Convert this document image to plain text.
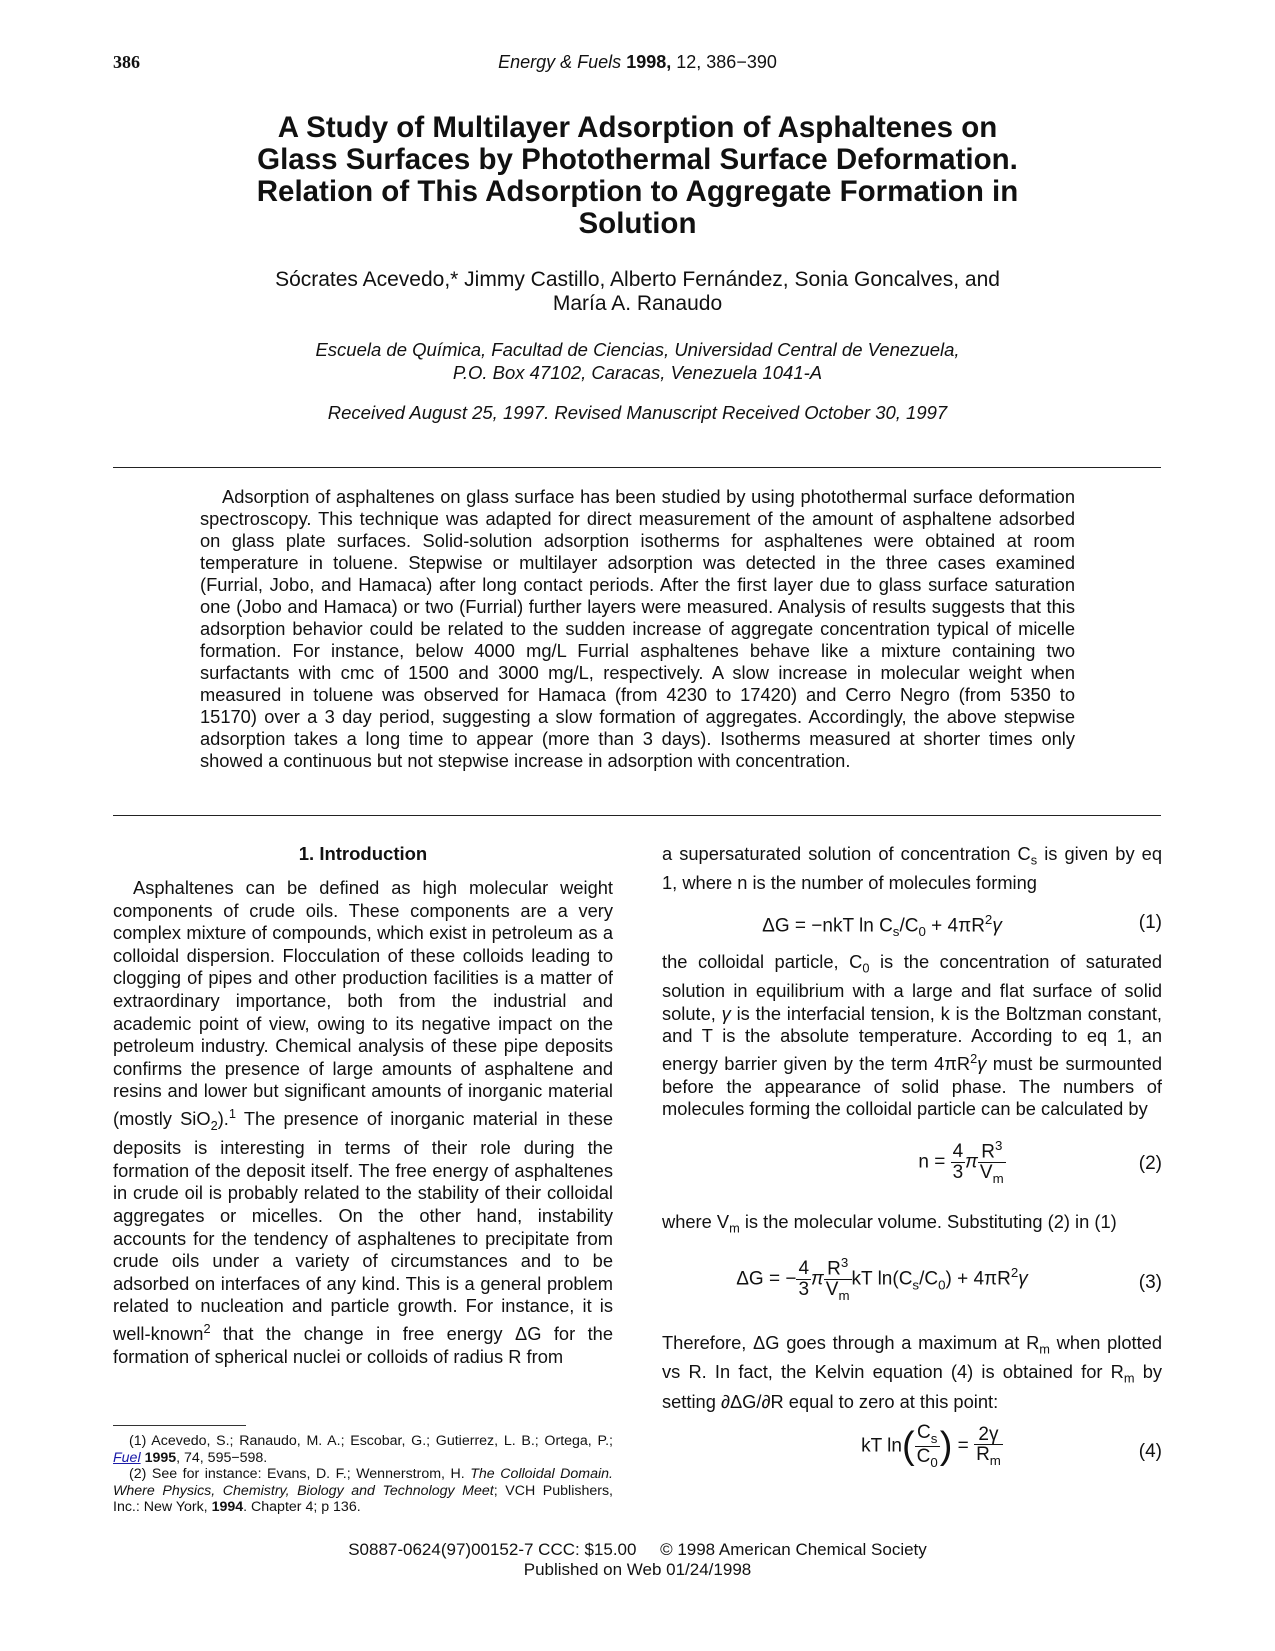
386	Energy & Fuels 1998, 12, 386−390
A Study of Multilayer Adsorption of Asphaltenes on
Glass Surfaces by Photothermal Surface Deformation.
Relation of This Adsorption to Aggregate Formation in
Solution
Sócrates Acevedo,* Jimmy Castillo, Alberto Fernández, Sonia Goncalves, and
María A. Ranaudo
Escuela de Química, Facultad de Ciencias, Universidad Central de Venezuela,
P.O. Box 47102, Caracas, Venezuela 1041-A
Received August 25, 1997. Revised Manuscript Received October 30, 1997

Adsorption of asphaltenes on glass surface has been studied by using photothermal surface deformation spectroscopy. This technique was adapted for direct measurement of the amount of asphaltene adsorbed on glass plate surfaces. Solid-solution adsorption isotherms for asphaltenes were obtained at room temperature in toluene. Stepwise or multilayer adsorption was detected in the three cases examined (Furrial, Jobo, and Hamaca) after long contact periods. After the first layer due to glass surface saturation one (Jobo and Hamaca) or two (Furrial) further layers were measured. Analysis of results suggests that this adsorption behavior could be related to the sudden increase of aggregate concentration typical of micelle formation. For instance, below 4000 mg/L Furrial asphaltenes behave like a mixture containing two surfactants with cmc of 1500 and 3000 mg/L, respectively. A slow increase in molecular weight when measured in toluene was observed for Hamaca (from 4230 to 17420) and Cerro Negro (from 5350 to 15170) over a 3 day period, suggesting a slow formation of aggregates. Accordingly, the above stepwise adsorption takes a long time to appear (more than 3 days). Isotherms measured at shorter times only showed a continuous but not stepwise increase in adsorption with concentration.

1. Introduction

Asphaltenes can be defined as high molecular weight components of crude oils. These components are a very complex mixture of compounds, which exist in petroleum as a colloidal dispersion. Flocculation of these colloids leading to clogging of pipes and other production facilities is a matter of extraordinary importance, both from the industrial and academic point of view, owing to its negative impact on the petroleum industry. Chemical analysis of these pipe deposits confirms the presence of large amounts of asphaltene and resins and lower but significant amounts of inorganic material (mostly SiO$_2$).$^1$ The presence of inorganic material in these deposits is interesting in terms of their role during the formation of the deposit itself. The free energy of asphaltenes in crude oil is probably related to the stability of their colloidal aggregates or micelles. On the other hand, instability accounts for the tendency of asphaltenes to precipitate from crude oils under a variety of circumstances and to be adsorbed on interfaces of any kind. This is a general problem related to nucleation and particle growth. For instance, it is well-known$^2$ that the change in free energy ΔG for the formation of spherical nuclei or colloids of radius R from

(1) Acevedo, S.; Ranaudo, M. A.; Escobar, G.; Gutierrez, L. B.; Ortega, P.; Fuel 1995, 74, 595−598.

(2) See for instance: Evans, D. F.; Wennerstrom, H. The Colloidal Domain. Where Physics, Chemistry, Biology and Technology Meet; VCH Publishers, Inc.: New York, 1994. Chapter 4; p 136.

a supersaturated solution of concentration $C_s$ is given by eq 1, where n is the number of molecules forming

ΔG = −nkT $\ln C_s/C_0 + 4\pi R^2\gamma$	(1)

the colloidal particle, $C_0$ is the concentration of saturated solution in equilibrium with a large and flat surface of solid solute, γ is the interfacial tension, k is the Boltzman constant, and T is the absolute temperature. According to eq 1, an energy barrier given by the term $4\pi R^2\gamma$ must be surmounted before the appearance of solid phase. The numbers of molecules forming the colloidal particle can be calculated by

$n = \frac{4}{3}$ π $\frac{R^3}{V_m}$	(2)

where $V_m$ is the molecular volume. Substituting (2) in (1)

ΔG = − $\frac{4}{3}$ π $\frac{R^3}{V_m}$ kT $\ln(C_s/C_0) + 4\pi R^2\gamma$	(3)

Therefore, ΔG goes through a maximum at $R_m$ when plotted vs R. In fact, the Kelvin equation (4) is obtained for $R_m$ by setting ∂ΔG/∂R equal to zero at this point:

kT $\ln( \frac{C_s}{C_0}$ ) = $\frac{2\gamma}{R_m}$	(4)
S0887-0624(97)00152-7 CCC: $15.00     © 1998 American Chemical Society
Published on Web 01/24/1998
